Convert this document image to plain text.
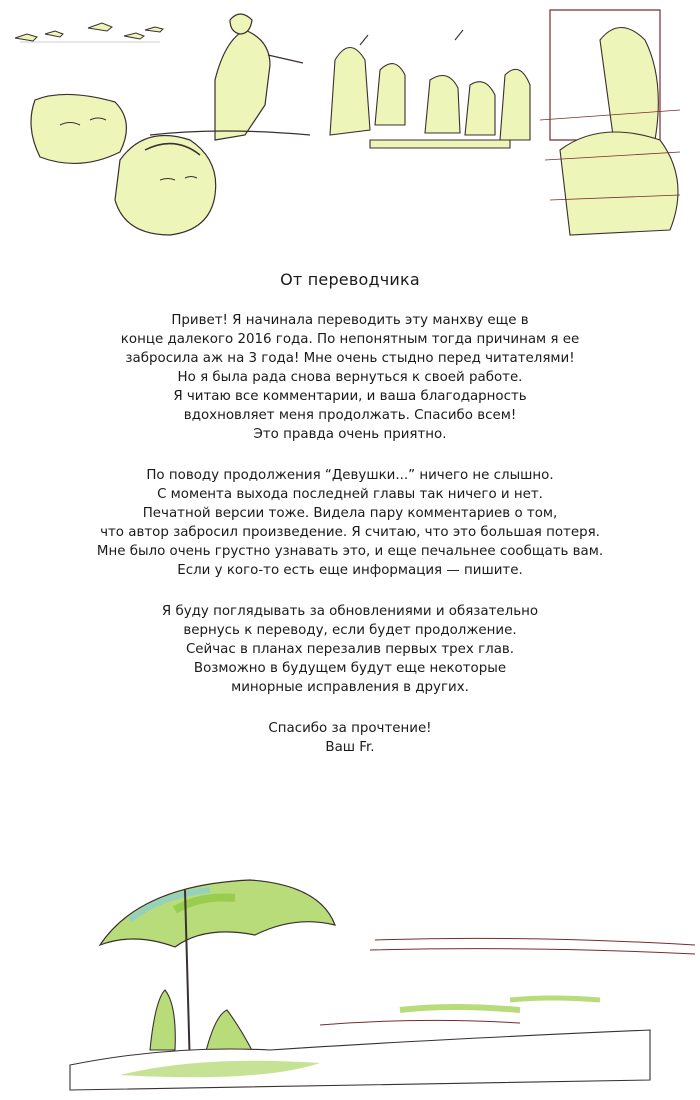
От переводчика
Привет! Я начинала переводить эту манхву еще в
конце далекого 2016 года. По непонятным тогда причинам я ее
забросила аж на 3 года! Мне очень стыдно перед читателями!
Но я была рада снова вернуться к своей работе.
Я читаю все комментарии, и ваша благодарность
вдохновляет меня продолжать. Спасибо всем!
Это правда очень приятно.
По поводу продолжения “Девушки...” ничего не слышно.
С момента выхода последней главы так ничего и нет.
Печатной версии тоже. Видела пару комментариев о том,
что автор забросил произведение. Я считаю, что это большая потеря.
Мне было очень грустно узнавать это, и еще печальнее сообщать вам.
Если у кого-то есть еще информация — пишите.
Я буду поглядывать за обновлениями и обязательно
вернусь к переводу, если будет продолжение.
Сейчас в планах перезалив первых трех глав.
Возможно в будущем будут еще некоторые
минорные исправления в других.
Спасибо за прочтение!
Ваш Fr.
